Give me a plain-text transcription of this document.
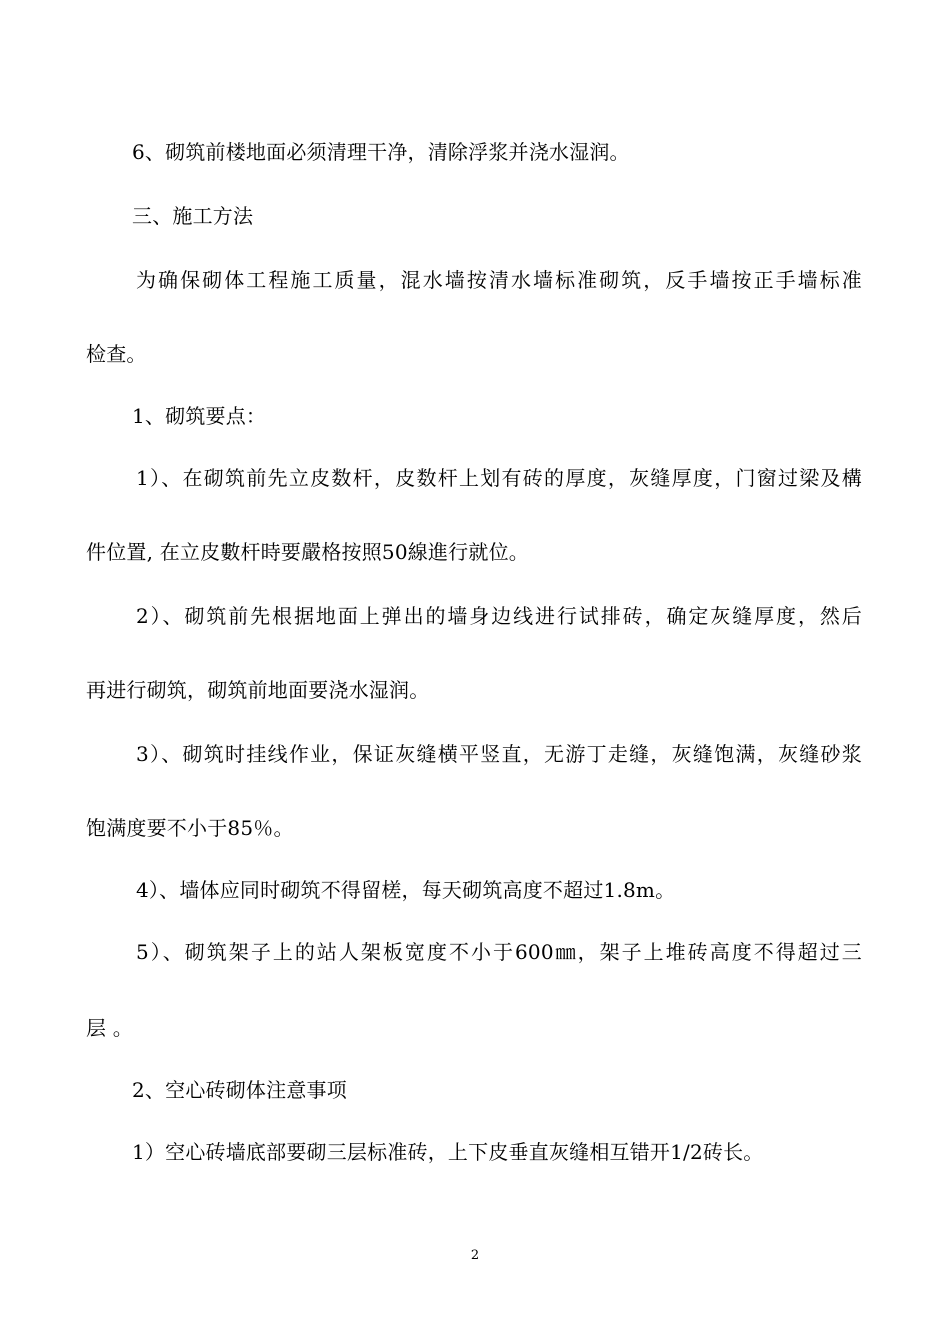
6、砌筑前楼地面必须清理干净，清除浮浆并浇水湿润。
三、施工方法
为确保砌体工程施工质量，混水墙按清水墙标准砌筑，反手墙按正手墙标准
检查。
1、砌筑要点：
1）、在砌筑前先立皮数杆，皮数杆上划有砖的厚度，灰缝厚度，门窗过梁及構
件位置, 在立皮數杆時要嚴格按照50線進行就位。
2）、砌筑前先根据地面上弹出的墙身边线进行试排砖，确定灰缝厚度，然后
再进行砌筑，砌筑前地面要浇水湿润。
3）、砌筑时挂线作业，保证灰缝横平竖直，无游丁走缝，灰缝饱满，灰缝砂浆
饱满度要不小于85％。
4）、墙体应同时砌筑不得留槎，每天砌筑高度不超过1.8m。
5）、砌筑架子上的站人架板宽度不小于600㎜，架子上堆砖高度不得超过三
层 。
2、空心砖砌体注意事项
1）空心砖墙底部要砌三层标准砖，上下皮垂直灰缝相互错开1/2砖长。
2
